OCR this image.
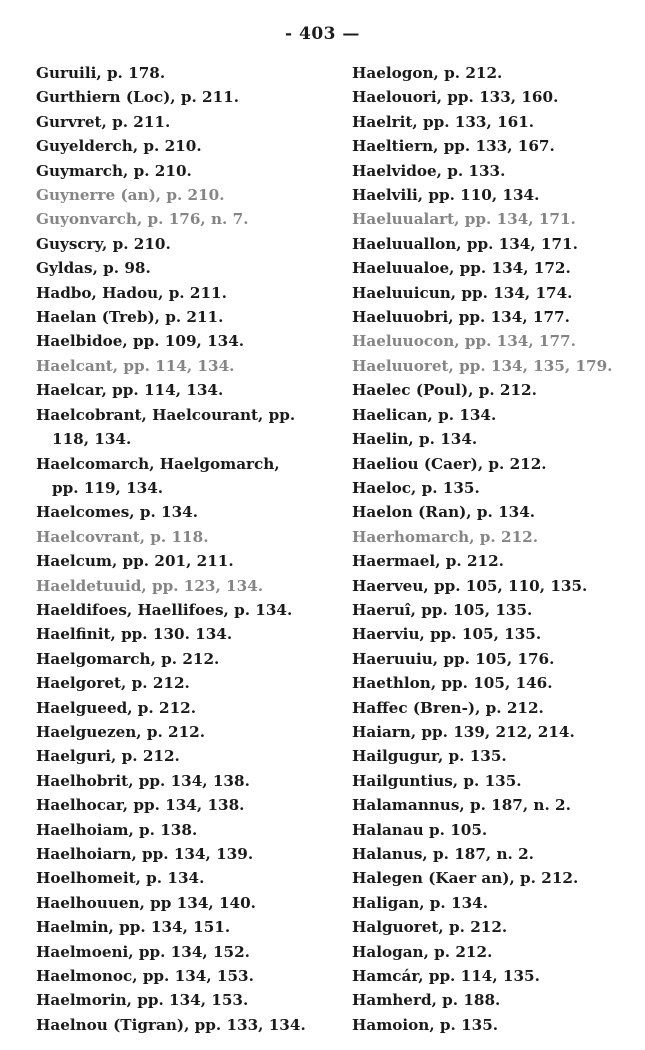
- 403 —
Guruili, p. 178.
Gurthiern (Loc), p. 211.
Gurvret, p. 211.
Guyelderch, p. 210.
Guymarch, p. 210.
Guynerre (an), p. 210.
Guyonvarch, p. 176, n. 7.
Guyscry, p. 210.
Gyldas, p. 98.
Hadbo, Hadou, p. 211.
Haelan (Treb), p. 211.
Haelbidoe, pp. 109, 134.
Haelcant, pp. 114, 134.
Haelcar, pp. 114, 134.
Haelcobrant, Haelcourant, pp. 118, 134.
Haelcomarch, Haelgomarch, pp. 119, 134.
Haelcomes, p. 134.
Haelcovrant, p. 118.
Haelcum, pp. 201, 211.
Haeldetuuid, pp. 123, 134.
Haeldifoes, Haellifoes, p. 134.
Haelfinit, pp. 130. 134.
Haelgomarch, p. 212.
Haelgoret, p. 212.
Haelgueed, p. 212.
Haelguezen, p. 212.
Haelguri, p. 212.
Haelhobrit, pp. 134, 138.
Haelhocar, pp. 134, 138.
Haelhoiam, p. 138.
Haelhoiarn, pp. 134, 139.
Hoelhomeit, p. 134.
Haelhouuen, pp 134, 140.
Haelmin, pp. 134, 151.
Haelmoeni, pp. 134, 152.
Haelmonoc, pp. 134, 153.
Haelmorin, pp. 134, 153.
Haelnou (Tigran), pp. 133, 134.
Haelogon, p. 212.
Haelouori, pp. 133, 160.
Haelrit, pp. 133, 161.
Haeltiern, pp. 133, 167.
Haelvidoe, p. 133.
Haelvili, pp. 110, 134.
Haeluualart, pp. 134, 171.
Haeluuallon, pp. 134, 171.
Haeluualoe, pp. 134, 172.
Haeluuicun, pp. 134, 174.
Haeluuobri, pp. 134, 177.
Haeluuocon, pp. 134, 177.
Haeluuoret, pp. 134, 135, 179.
Haelec (Poul), p. 212.
Haelican, p. 134.
Haelin, p. 134.
Haeliou (Caer), p. 212.
Haeloc, p. 135.
Haelon (Ran), p. 134.
Haerhomarch, p. 212.
Haermael, p. 212.
Haerveu, pp. 105, 110, 135.
Haeruî, pp. 105, 135.
Haerviu, pp. 105, 135.
Haeruuiu, pp. 105, 176.
Haethlon, pp. 105, 146.
Haffec (Bren-), p. 212.
Haiarn, pp. 139, 212, 214.
Hailgugur, p. 135.
Hailguntius, p. 135.
Halamannus, p. 187, n. 2.
Halanau p. 105.
Halanus, p. 187, n. 2.
Halegen (Kaer an), p. 212.
Haligan, p. 134.
Halguoret, p. 212.
Halogan, p. 212.
Hamcár, pp. 114, 135.
Hamherd, p. 188.
Hamoion, p. 135.
